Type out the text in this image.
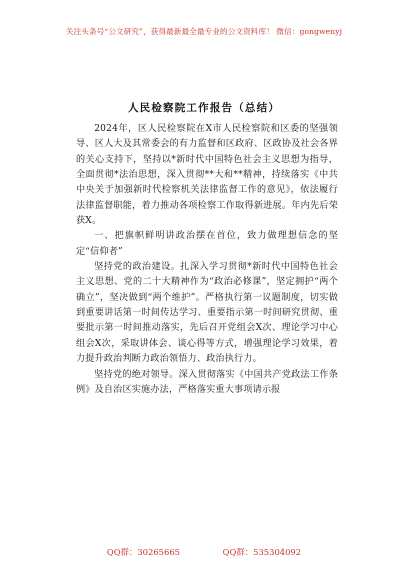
关注头条号“公文研究”，获得最新最全最专业的公文资料库！ 微信：gongwenyj
人民检察院工作报告（总结）

2024年，区人民检察院在X市人民检察院和区委的坚强领导、区人大及其常委会的有力监督和区政府、区政协及社会各界的关心支持下，坚持以*新时代中国特色社会主义思想为指导，全面贯彻*法治思想，深入贯彻**大和**精神，持续落实《中共中央关于加强新时代检察机关法律监督工作的意见》，依法履行法律监督职能，着力推动各项检察工作取得新进展。年内先后荣获X。

一、把旗帜鲜明讲政治摆在首位，致力做理想信念的坚定“信仰者”

坚持党的政治建设。扎深入学习贯彻*新时代中国特色社会主义思想、党的二十大精神作为“政治必修课”，坚定拥护“两个确立”，坚决做到“两个维护”。严格执行第一议题制度，切实做到重要讲话第一时间传达学习、重要指示第一时间研究贯彻、重要批示第一时间推动落实，先后召开党组会X次、理论学习中心组会X次，采取讲体会、谈心得等方式，增强理论学习效果，着力提升政治判断力政治领悟力、政治执行力。

坚持党的绝对领导。深入贯彻落实《中国共产党政法工作条例》及自治区实施办法，严格落实重大事项请示报

QQ群：30265665	QQ群：535304092
